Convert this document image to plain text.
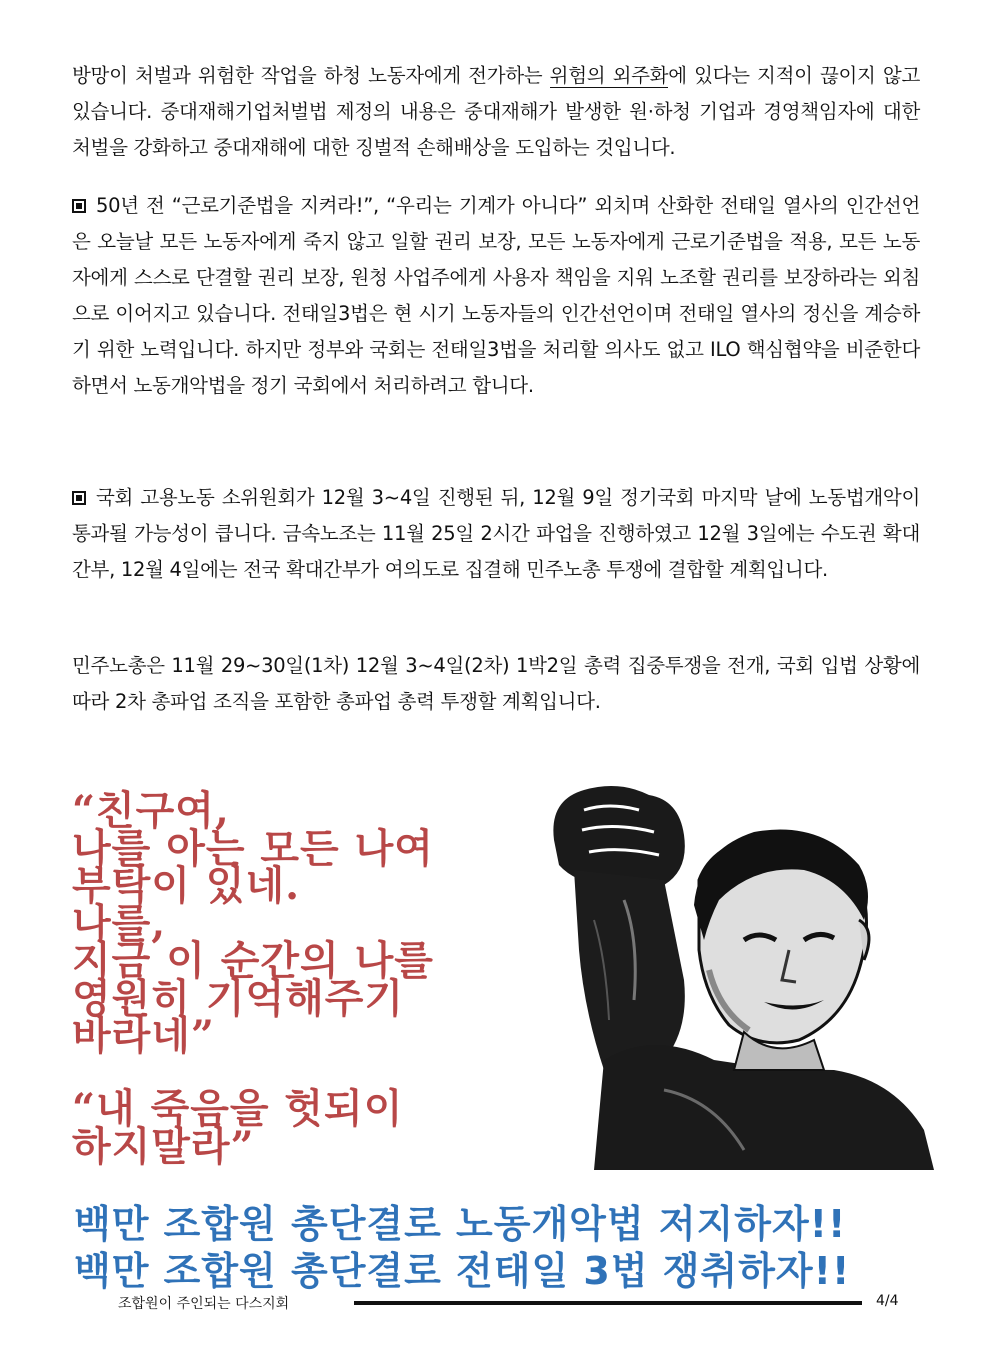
방망이 처벌과 위험한 작업을 하청 노동자에게 전가하는 위험의 외주화에 있다는 지적이 끊이지 않고 있습니다. 중대재해기업처벌법 제정의 내용은 중대재해가 발생한 원·하청 기업과 경영책임자에 대한 처벌을 강화하고 중대재해에 대한 징벌적 손해배상을 도입하는 것입니다.

50년 전 “근로기준법을 지켜라!”, “우리는 기계가 아니다” 외치며 산화한 전태일 열사의 인간선언은 오늘날 모든 노동자에게 죽지 않고 일할 권리 보장, 모든 노동자에게 근로기준법을 적용, 모든 노동자에게 스스로 단결할 권리 보장, 원청 사업주에게 사용자 책임을 지워 노조할 권리를 보장하라는 외침으로 이어지고 있습니다. 전태일3법은 현 시기 노동자들의 인간선언이며 전태일 열사의 정신을 계승하기 위한 노력입니다. 하지만 정부와 국회는 전태일3법을 처리할 의사도 없고 ILO 핵심협약을 비준한다하면서 노동개악법을 정기 국회에서 처리하려고 합니다.

국회 고용노동 소위원회가 12월 3~4일 진행된 뒤, 12월 9일 정기국회 마지막 날에 노동법개악이 통과될 가능성이 큽니다. 금속노조는 11월 25일 2시간 파업을 진행하였고 12월 3일에는 수도권 확대간부, 12월 4일에는 전국 확대간부가 여의도로 집결해 민주노총 투쟁에 결합할 계획입니다.

민주노총은 11월 29~30일(1차) 12월 3~4일(2차) 1박2일 총력 집중투쟁을 전개, 국회 입법 상황에 따라 2차 총파업 조직을 포함한 총파업 총력 투쟁할 계획입니다.

“친구여,
나를 아는 모든 나여
부탁이 있네.
나를,
지금 이 순간의 나를
영원히 기억해주기
바라네”
“내 죽음을 헛되이
하지말라”
백만 조합원 총단결로 노동개악법 저지하자!!
백만 조합원 총단결로 전태일 3법 쟁취하자!!
조합원이 주인되는 다스지회	4/4
